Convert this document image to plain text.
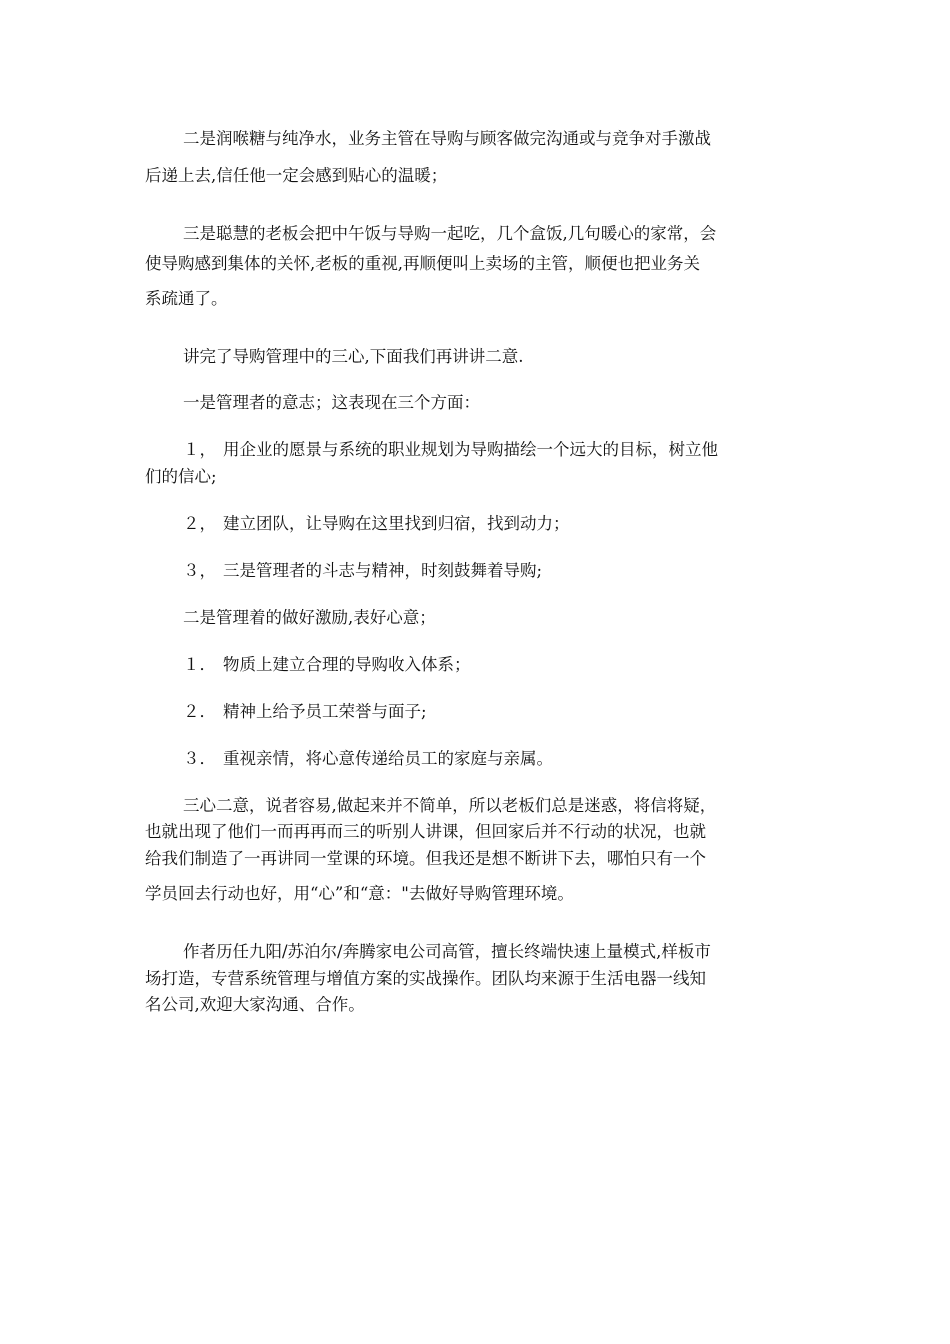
二是润喉糖与纯净水，业务主管在导购与顾客做完沟通或与竞争对手激战
后递上去,信任他一定会感到贴心的温暖；
三是聪慧的老板会把中午饭与导购一起吃，几个盒饭,几句暖心的家常，会
使导购感到集体的关怀,老板的重视,再顺便叫上卖场的主管，顺便也把业务关
系疏通了。
讲完了导购管理中的三心,下面我们再讲讲二意.
一是管理者的意志；这表现在三个方面：
１， 用企业的愿景与系统的职业规划为导购描绘一个远大的目标，树立他
们的信心;
２， 建立团队，让导购在这里找到归宿，找到动力；
３， 三是管理者的斗志与精神，时刻鼓舞着导购;
二是管理着的做好激励,表好心意；
１． 物质上建立合理的导购收入体系；
２． 精神上给予员工荣誉与面子;
３． 重视亲情，将心意传递给员工的家庭与亲属。
三心二意，说者容易,做起来并不简单，所以老板们总是迷惑，将信将疑，
也就出现了他们一而再再而三的听别人讲课，但回家后并不行动的状况，也就
给我们制造了一再讲同一堂课的环境。但我还是想不断讲下去，哪怕只有一个
学员回去行动也好，用“心”和“意："去做好导购管理环境。
作者历任九阳/苏泊尔/奔腾家电公司高管，擅长终端快速上量模式,样板市
场打造，专营系统管理与增值方案的实战操作。团队均来源于生活电器一线知
名公司,欢迎大家沟通、合作。
